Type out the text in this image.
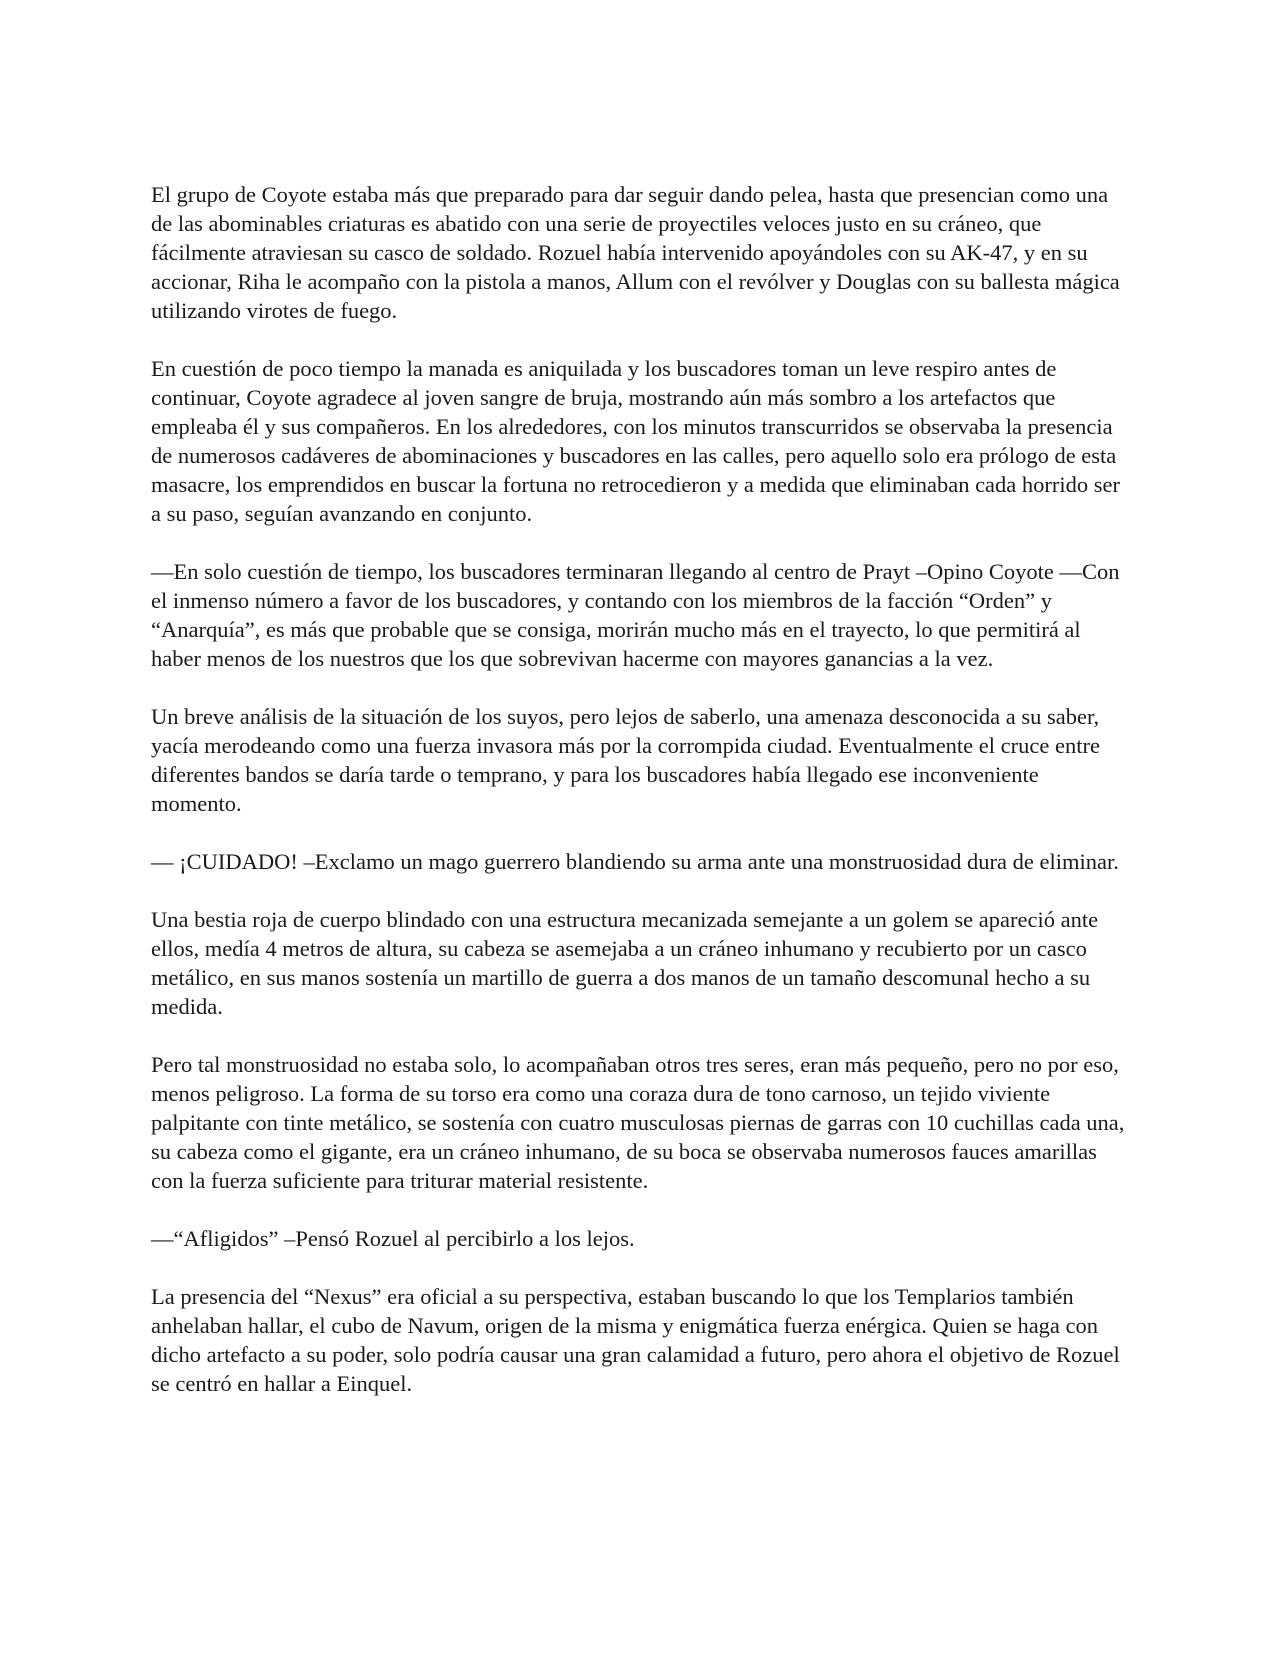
El grupo de Coyote estaba más que preparado para dar seguir dando pelea, hasta que presencian como una de las abominables criaturas es abatido con una serie de proyectiles veloces justo en su cráneo, que fácilmente atraviesan su casco de soldado. Rozuel había intervenido apoyándoles con su AK-47, y en su accionar, Riha le acompaño con la pistola a manos, Allum con el revólver y Douglas con su ballesta mágica utilizando virotes de fuego.

En cuestión de poco tiempo la manada es aniquilada y los buscadores toman un leve respiro antes de continuar, Coyote agradece al joven sangre de bruja, mostrando aún más sombro a los artefactos que empleaba él y sus compañeros. En los alrededores, con los minutos transcurridos se observaba la presencia de numerosos cadáveres de abominaciones y buscadores en las calles, pero aquello solo era prólogo de esta masacre, los emprendidos en buscar la fortuna no retrocedieron y a medida que eliminaban cada horrido ser a su paso, seguían avanzando en conjunto.

—En solo cuestión de tiempo, los buscadores terminaran llegando al centro de Prayt –Opino Coyote —Con el inmenso número a favor de los buscadores, y contando con los miembros de la facción “Orden” y “Anarquía”, es más que probable que se consiga, morirán mucho más en el trayecto, lo que permitirá al haber menos de los nuestros que los que sobrevivan hacerme con mayores ganancias a la vez.

Un breve análisis de la situación de los suyos, pero lejos de saberlo, una amenaza desconocida a su saber, yacía merodeando como una fuerza invasora más por la corrompida ciudad. Eventualmente el cruce entre diferentes bandos se daría tarde o temprano, y para los buscadores había llegado ese inconveniente momento.

— ¡CUIDADO! –Exclamo un mago guerrero blandiendo su arma ante una monstruosidad dura de eliminar.

Una bestia roja de cuerpo blindado con una estructura mecanizada semejante a un golem se apareció ante ellos, medía 4 metros de altura, su cabeza se asemejaba a un cráneo inhumano y recubierto por un casco metálico, en sus manos sostenía un martillo de guerra a dos manos de un tamaño descomunal hecho a su medida.

Pero tal monstruosidad no estaba solo, lo acompañaban otros tres seres, eran más pequeño, pero no por eso, menos peligroso. La forma de su torso era como una coraza dura de tono carnoso, un tejido viviente palpitante con tinte metálico, se sostenía con cuatro musculosas piernas de garras con 10 cuchillas cada una, su cabeza como el gigante, era un cráneo inhumano, de su boca se observaba numerosos fauces amarillas con la fuerza suficiente para triturar material resistente.

—“Afligidos” –Pensó Rozuel al percibirlo a los lejos.

La presencia del “Nexus” era oficial a su perspectiva, estaban buscando lo que los Templarios también anhelaban hallar, el cubo de Navum, origen de la misma y enigmática fuerza enérgica. Quien se haga con dicho artefacto a su poder, solo podría causar una gran calamidad a futuro, pero ahora el objetivo de Rozuel se centró en hallar a Einquel.
